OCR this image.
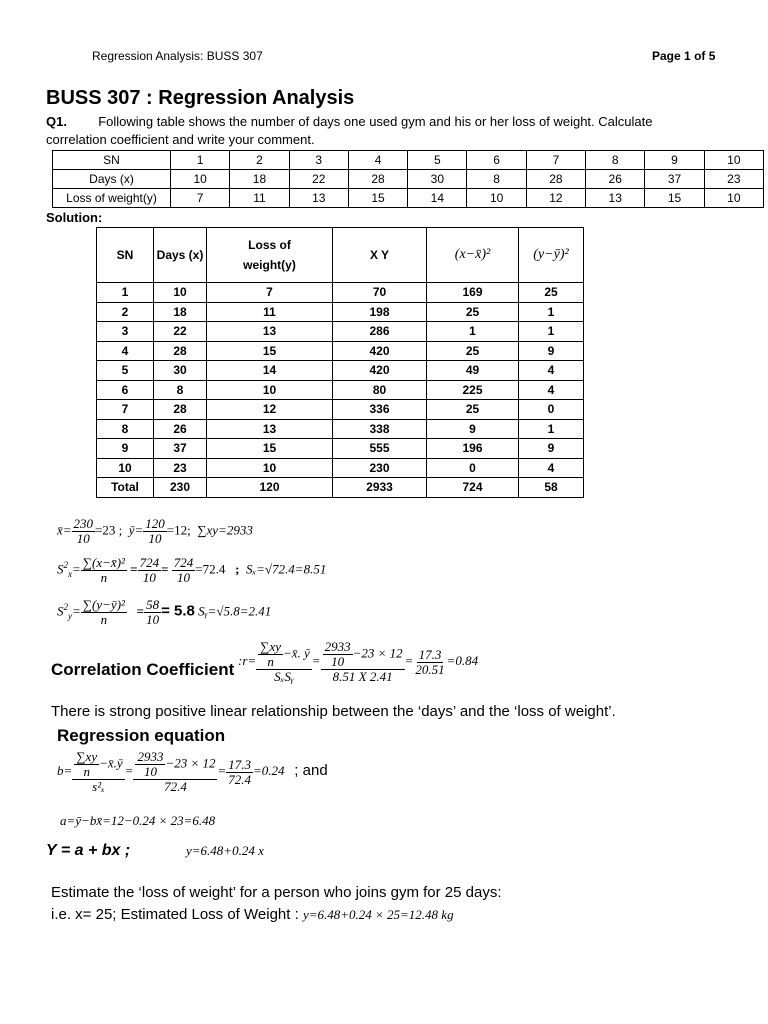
Regression Analysis: BUSS 307	Page 1 of 5
BUSS 307 : Regression Analysis
Q1. Following table shows the number of days one used gym and his or her loss of weight. Calculate
correlation coefficient and write your comment.
SN	1	2	3	4	5	6	7	8	9	10
Days (x)	10	18	22	28	30	8	28	26	37	23
Loss of weight(y)	7	11	13	15	14	10	12	13	15	10
Solution:
SN	Days (x)	Loss of weight(y)	X Y	(x−x̄)²	(y−ȳ)²
1	10	7	70	169	25
2	18	11	198	25	1
3	22	13	286	1	1
4	28	15	420	25	9
5	30	14	420	49	4
6	8	10	80	225	4
7	28	12	336	25	0
8	26	13	338	9	1
9	37	15	555	196	9
10	23	10	230	0	4
Total	230	120	2933	724	58
x̄= $\frac{230}{10} =23$ ; ȳ= $\frac{120}{10} =12$; ∑xy=2933
$S^2_x= \frac{\text{∑(x−x̄)²}}{n} = \frac{724}{10} = \frac{724}{10} =72.4$ ; Sₓ=√72.4=8.51
$S^2_y= \frac{\text{∑(y−ȳ)²}}{n} = \frac{58}{10} = 5.8$ Sᵧ=√5.8=2.41
Correlation Coefficient :r= $\frac{\frac{\sum xy}{n} -x̄. ȳ}{\text{SₓSᵧ}} = \frac{\frac{2933}{10} -23 \times 12}{8.51 X 2.41} = \frac{17.3}{20.51} =0.84$
There is strong positive linear relationship between the ‘days’ and the ‘loss of weight’.
Regression equation
$b= \frac{\frac{\sum xy}{n} -x̄.ȳ}{\text{s²ₓ}} = \frac{\frac{2933}{10} -23 \times 12}{72.4} = \frac{17.3}{72.4} =0.24$ ; and
a=ȳ−bx̄=12−0.24 × 23=6.48
Y = a + bx ;	y=6.48+0.24 x
Estimate the ‘loss of weight’ for a person who joins gym for 25 days:
i.e. x= 25; Estimated Loss of Weight : y=6.48+0.24 × 25=12.48 kg
